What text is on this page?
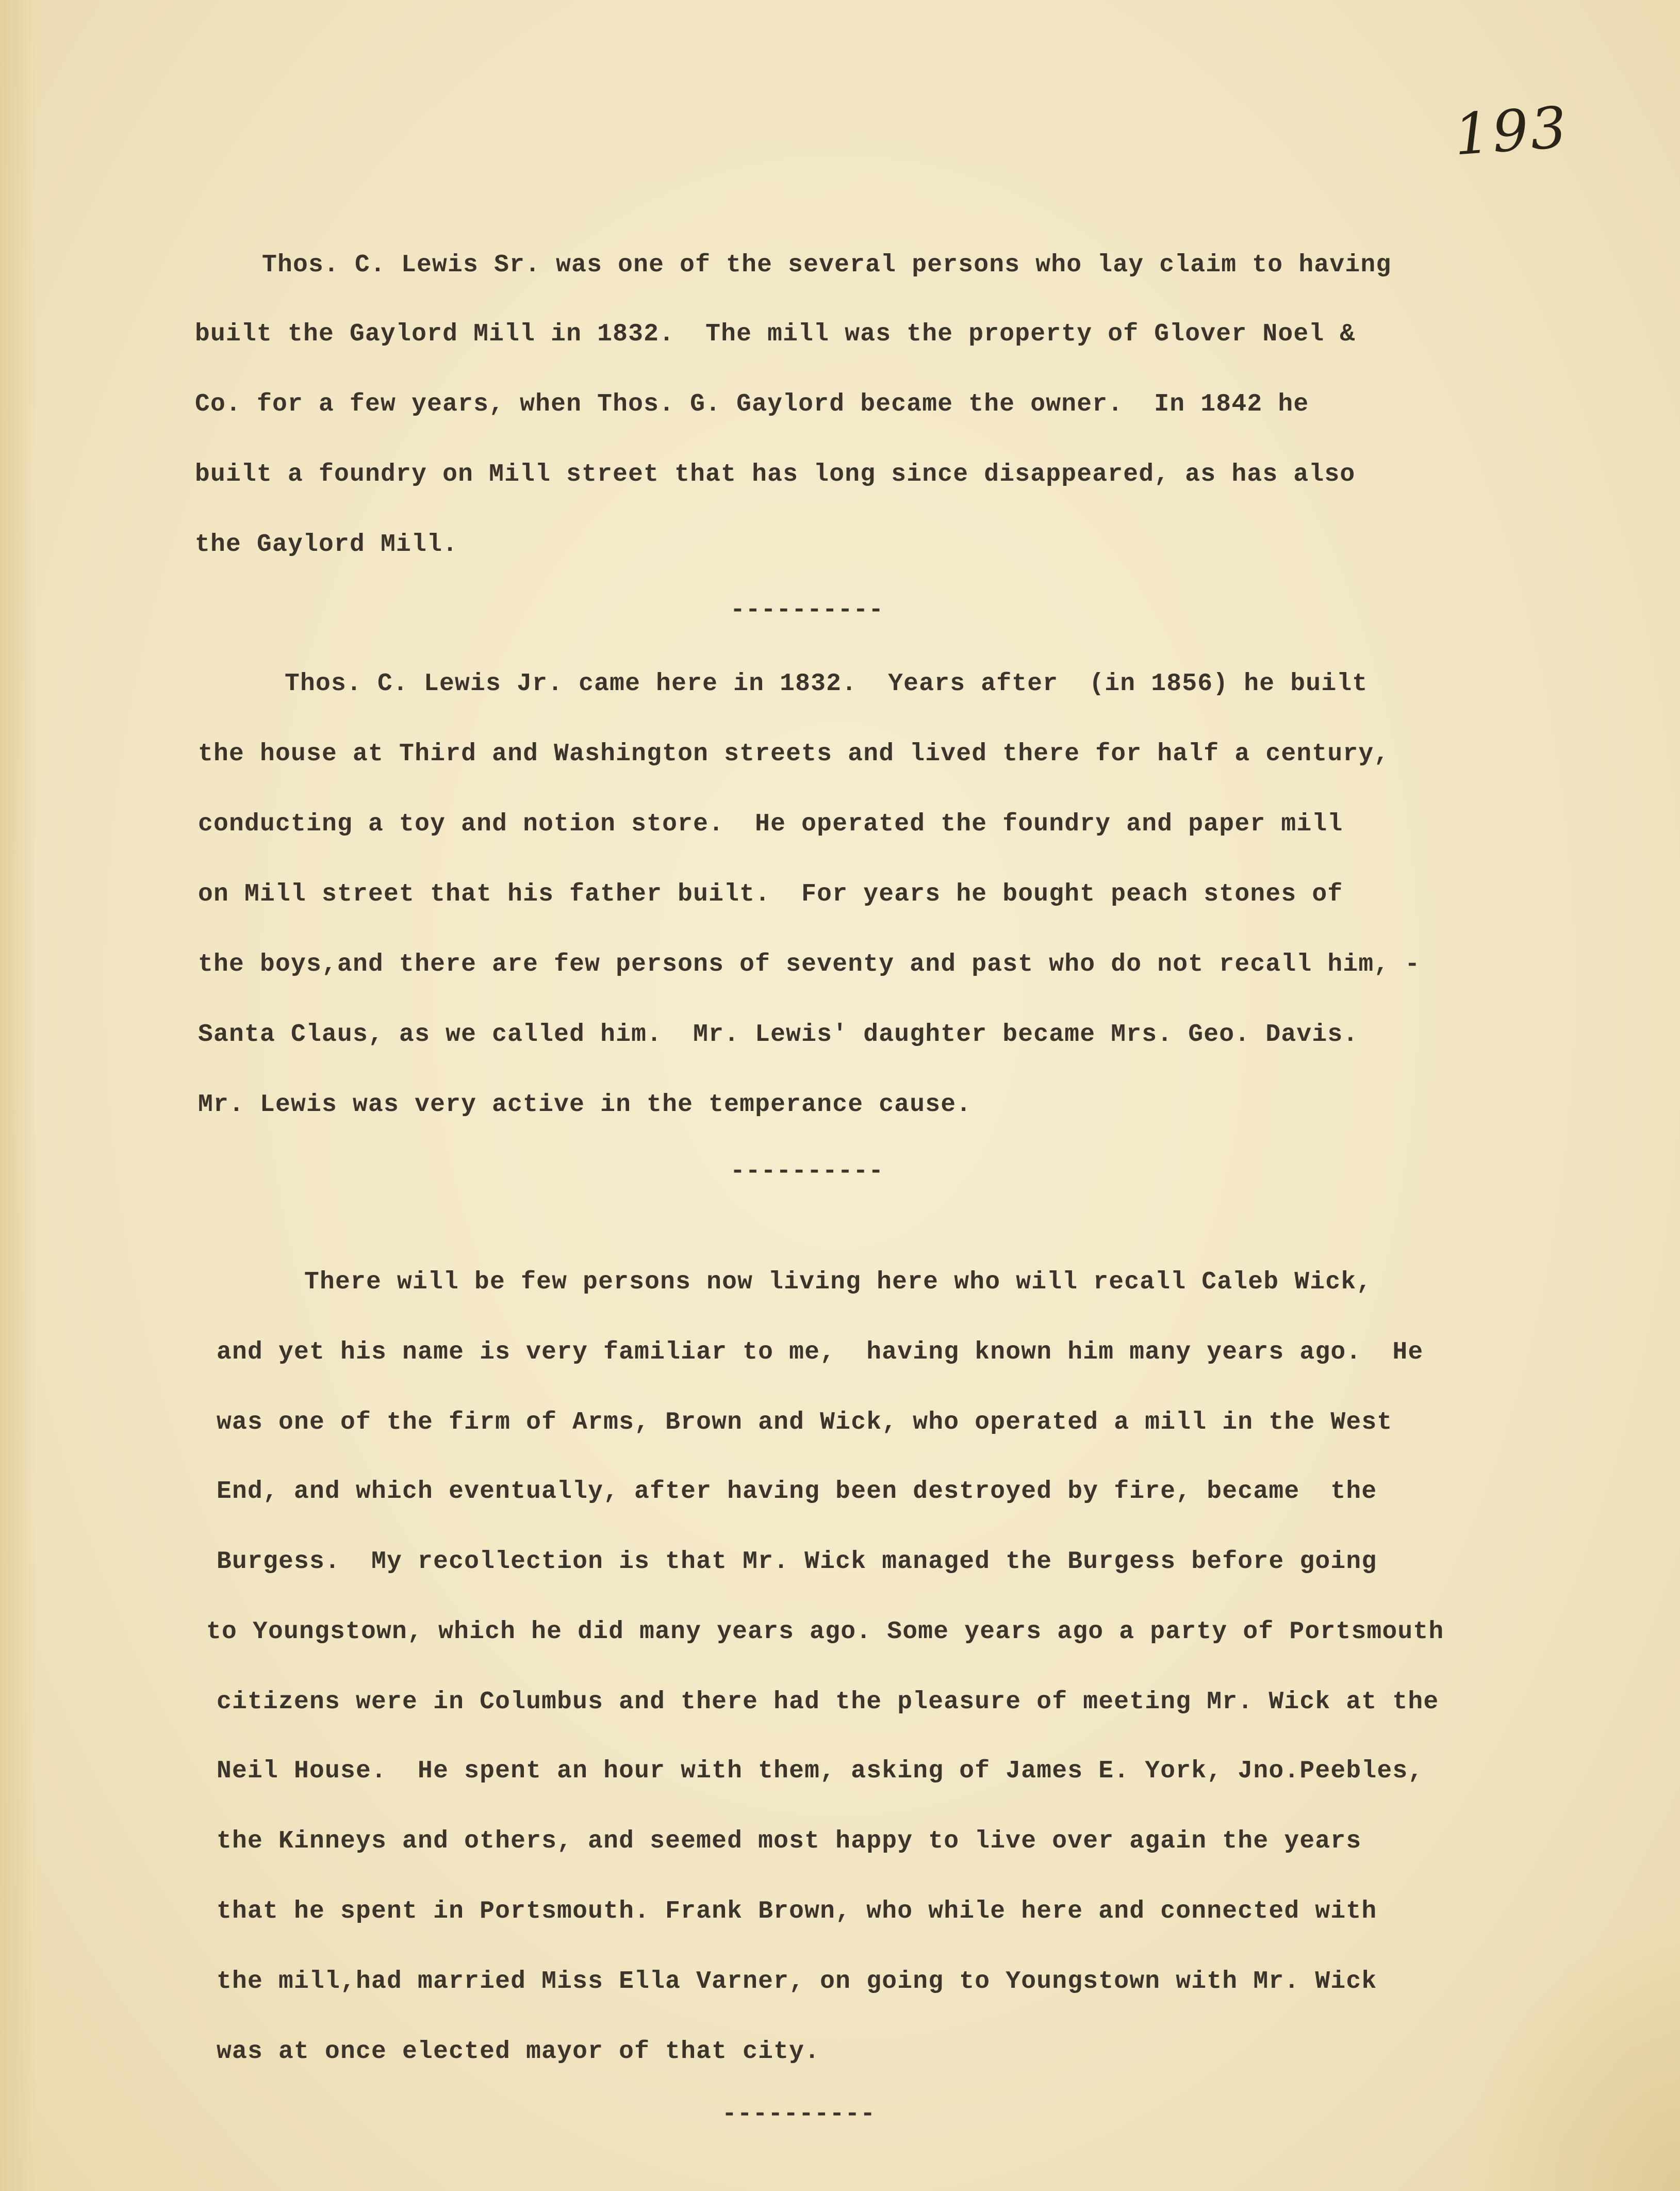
193
Thos. C. Lewis Sr. was one of the several persons who lay claim to having
built the Gaylord Mill in 1832.  The mill was the property of Glover Noel &
Co. for a few years, when Thos. G. Gaylord became the owner.  In 1842 he
built a foundry on Mill street that has long since disappeared, as has also
the Gaylord Mill.
----------
Thos. C. Lewis Jr. came here in 1832.  Years after  (in 1856) he built
the house at Third and Washington streets and lived there for half a century,
conducting a toy and notion store.  He operated the foundry and paper mill
on Mill street that his father built.  For years he bought peach stones of
the boys,and there are few persons of seventy and past who do not recall him, -
Santa Claus, as we called him.  Mr. Lewis' daughter became Mrs. Geo. Davis.
Mr. Lewis was very active in the temperance cause.
----------
There will be few persons now living here who will recall Caleb Wick,
and yet his name is very familiar to me,  having known him many years ago.  He
was one of the firm of Arms, Brown and Wick, who operated a mill in the West
End, and which eventually, after having been destroyed by fire, became  the
Burgess.  My recollection is that Mr. Wick managed the Burgess before going
to Youngstown, which he did many years ago. Some years ago a party of Portsmouth
citizens were in Columbus and there had the pleasure of meeting Mr. Wick at the
Neil House.  He spent an hour with them, asking of James E. York, Jno.Peebles,
the Kinneys and others, and seemed most happy to live over again the years
that he spent in Portsmouth. Frank Brown, who while here and connected with
the mill,had married Miss Ella Varner, on going to Youngstown with Mr. Wick
was at once elected mayor of that city.
----------
